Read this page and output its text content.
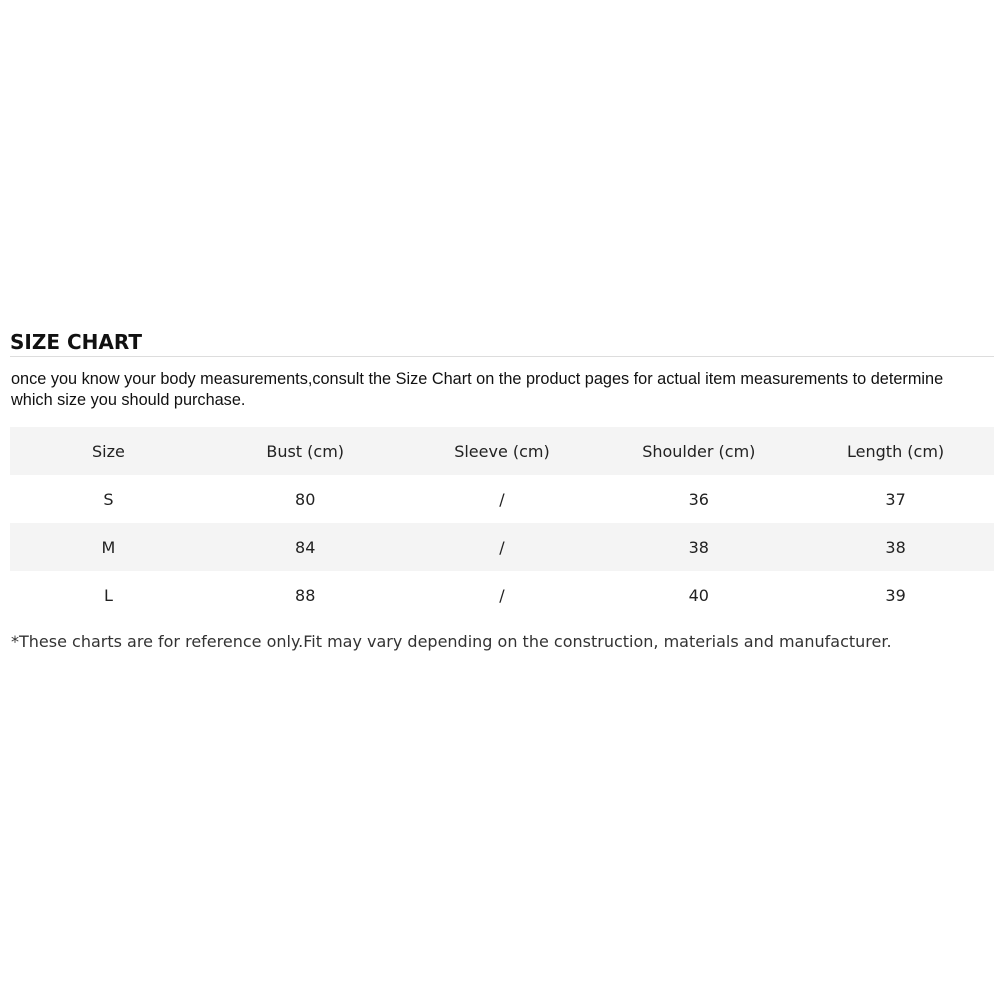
SIZE CHART
once you know your body measurements,consult the Size Chart on the product pages for actual item measurements to determine
which size you should purchase.
Size	Bust (cm)	Sleeve (cm)	Shoulder (cm)	Length (cm)
S	80	/	36	37
M	84	/	38	38
L	88	/	40	39
*These charts are for reference only.Fit may vary depending on the construction, materials and manufacturer.
